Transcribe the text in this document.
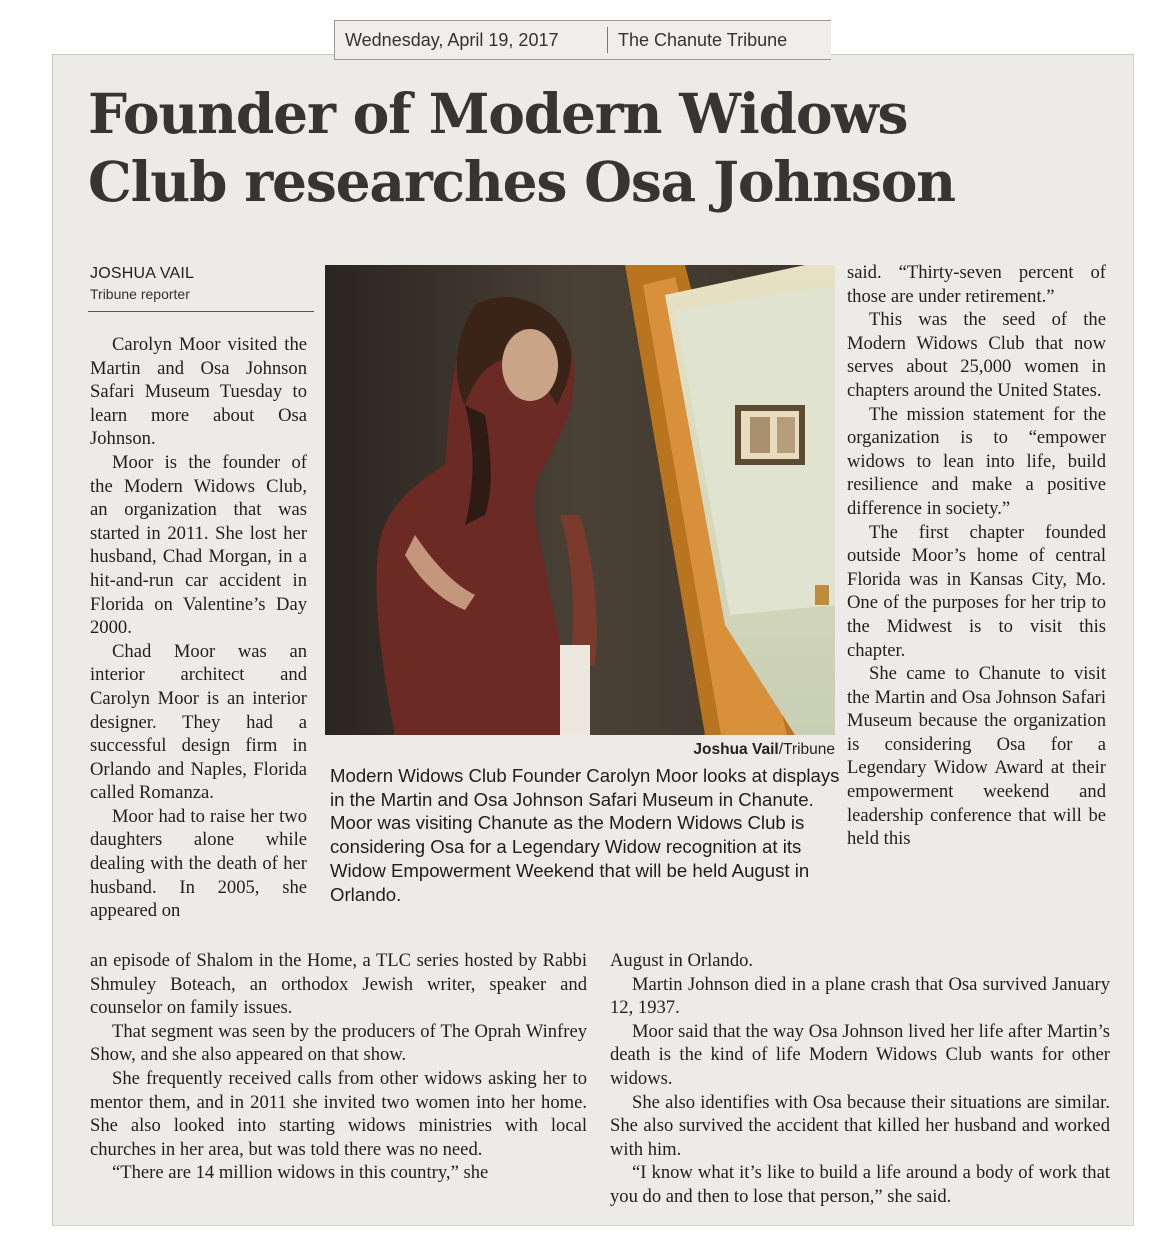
Wednesday, April 19, 2017	The Chanute Tribune
Founder of Modern Widows
Club researches Osa Johnson
JOSHUA VAIL
Tribune reporter

Carolyn Moor visited the Martin and Osa Johnson Safari Museum Tuesday to learn more about Osa Johnson.

Moor is the founder of the Modern Widows Club, an organization that was started in 2011. She lost her husband, Chad Morgan, in a hit-and-run car accident in Florida on Valentine’s Day 2000.

Chad Moor was an interior architect and Carolyn Moor is an interior designer. They had a successful design firm in Orlando and Naples, Florida called Romanza.

Moor had to raise her two daughters alone while dealing with the death of her husband. In 2005, she appeared on

Joshua Vail/Tribune

Modern Widows Club Founder Carolyn Moor looks at displays in the Martin and Osa Johnson Safari Museum in Chanute. Moor was visiting Chanute as the Modern Widows Club is considering Osa for a Legendary Widow recognition at its Widow Empowerment Weekend that will be held August in Orlando.

said. “Thirty-seven percent of those are under retirement.”

This was the seed of the Modern Widows Club that now serves about 25,000 women in chapters around the United States.

The mission statement for the organization is to “empower widows to lean into life, build resilience and make a positive difference in society.”

The first chapter founded outside Moor’s home of central Florida was in Kansas City, Mo. One of the purposes for her trip to the Midwest is to visit this chapter.

She came to Chanute to visit the Martin and Osa Johnson Safari Museum because the organization is considering Osa for a Legendary Widow Award at their empowerment weekend and leadership conference that will be held this

an episode of Shalom in the Home, a TLC series hosted by Rabbi Shmuley Boteach, an orthodox Jewish writer, speaker and counselor on family issues.

That segment was seen by the producers of The Oprah Winfrey Show, and she also appeared on that show.

She frequently received calls from other widows asking her to mentor them, and in 2011 she invited two women into her home. She also looked into starting widows ministries with local churches in her area, but was told there was no need.

“There are 14 million widows in this country,” she

August in Orlando.

Martin Johnson died in a plane crash that Osa survived January 12, 1937.

Moor said that the way Osa Johnson lived her life after Martin’s death is the kind of life Modern Widows Club wants for other widows.

She also identifies with Osa because their situations are similar. She also survived the accident that killed her husband and worked with him.

“I know what it’s like to build a life around a body of work that you do and then to lose that person,” she said.
